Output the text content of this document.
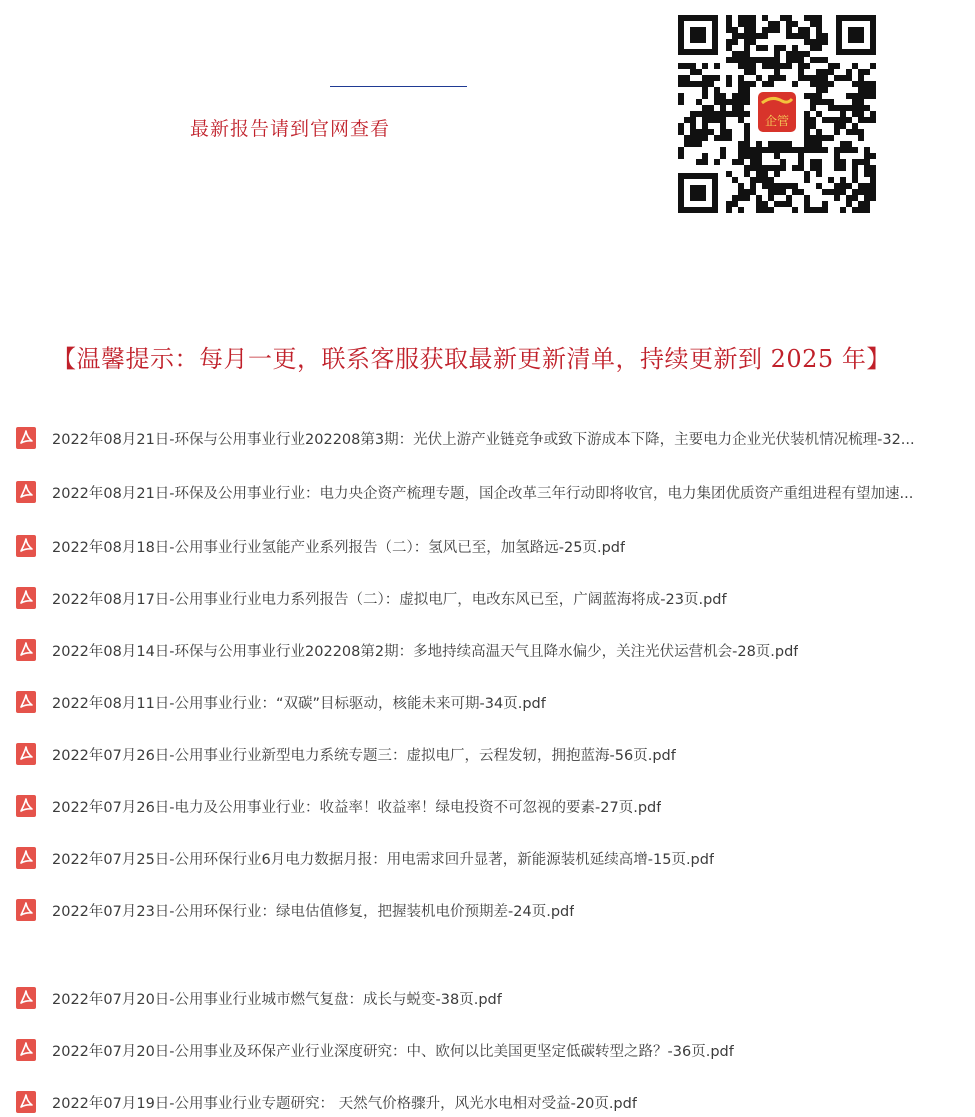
最新报告请到官网查看	企管
【温馨提示：每月一更，联系客服获取最新更新清单，持续更新到 2025 年】
2022年08月21日-环保与公用事业行业202208第3期：光伏上游产业链竞争或致下游成本下降，主要电力企业光伏装机情况梳理-32...
2022年08月21日-环保及公用事业行业：电力央企资产梳理专题，国企改革三年行动即将收官，电力集团优质资产重组进程有望加速...
2022年08月18日-公用事业行业氢能产业系列报告（二）：氢风已至，加氢路远-25页.pdf
2022年08月17日-公用事业行业电力系列报告（二）：虚拟电厂，电改东风已至，广阔蓝海将成-23页.pdf
2022年08月14日-环保与公用事业行业202208第2期：多地持续高温天气且降水偏少，关注光伏运营机会-28页.pdf
2022年08月11日-公用事业行业：“双碳”目标驱动，核能未来可期-34页.pdf
2022年07月26日-公用事业行业新型电力系统专题三：虚拟电厂，云程发轫，拥抱蓝海-56页.pdf
2022年07月26日-电力及公用事业行业：收益率！收益率！绿电投资不可忽视的要素-27页.pdf
2022年07月25日-公用环保行业6月电力数据月报：用电需求回升显著，新能源装机延续高增-15页.pdf
2022年07月23日-公用环保行业：绿电估值修复，把握装机电价预期差-24页.pdf
2022年07月20日-公用事业行业城市燃气复盘：成长与蜕变-38页.pdf
2022年07月20日-公用事业及环保产业行业深度研究：中、欧何以比美国更坚定低碳转型之路？-36页.pdf
2022年07月19日-公用事业行业专题研究： 天然气价格骤升，风光水电相对受益-20页.pdf
